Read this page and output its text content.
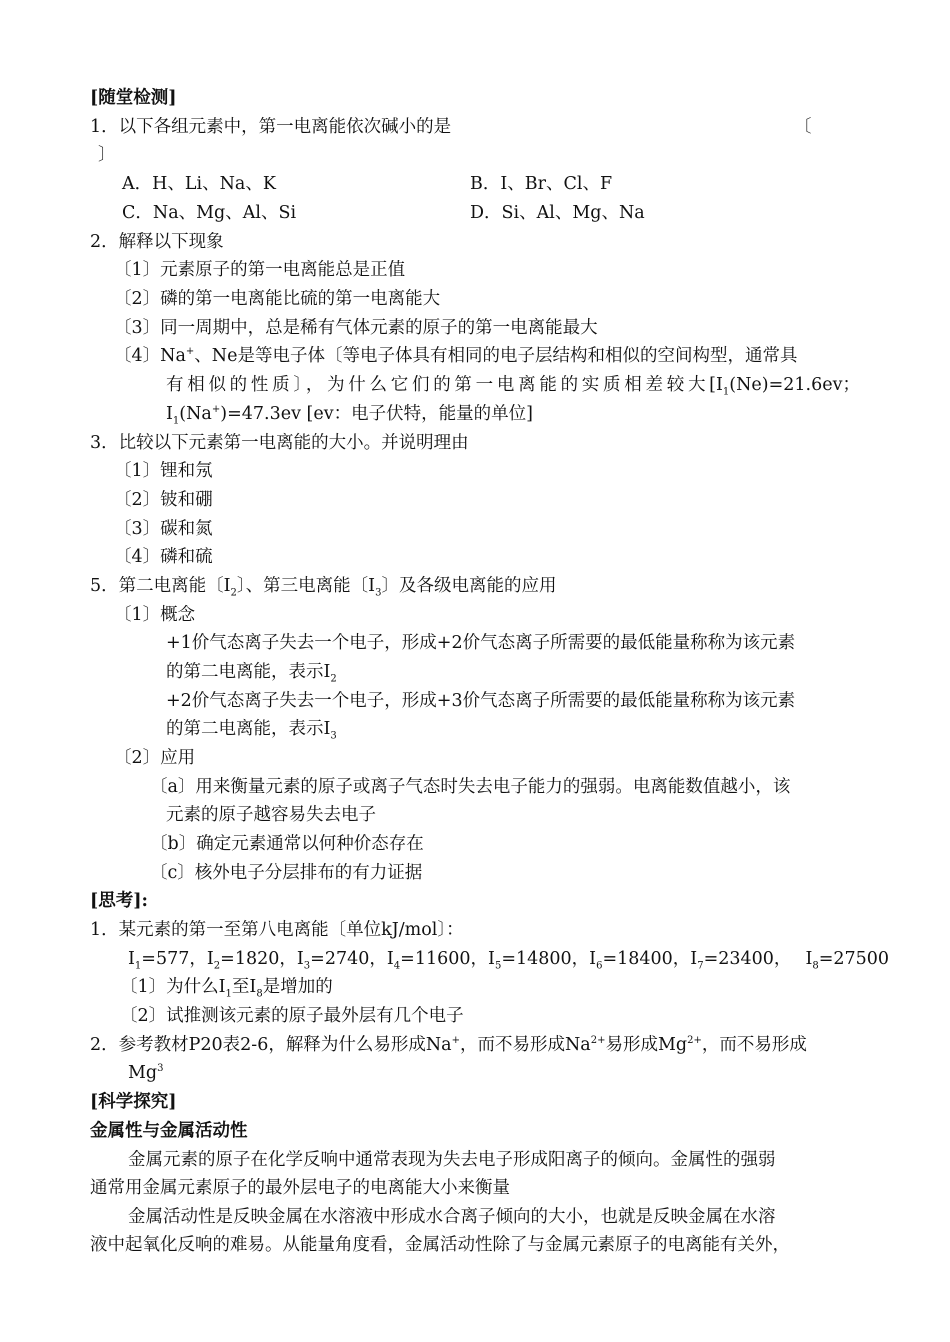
[随堂检测]
1．以下各组元素中，第一电离能依次碱小的是	〔
〕
A．H、Li、Na、K	B．I、Br、Cl、F
C．Na、Mg、Al、Si	D．Si、Al、Mg、Na
2．解释以下现象
〔1〕元素原子的第一电离能总是正值
〔2〕磷的第一电离能比硫的第一电离能大
〔3〕同一周期中，总是稀有气体元素的原子的第一电离能最大
〔4〕Na+、Ne是等电子体〔等电子体具有相同的电子层结构和相似的空间构型，通常具
有相似的性质〕，为什么它们的第一电离能的实质相差较大[$I_1(Ne)=21.6ev$；
$I_1(Na^+)=47.3ev$ [ev：电子伏特，能量的单位]
3．比较以下元素第一电离能的大小。并说明理由
〔1〕锂和氖
〔2〕铍和硼
〔3〕碳和氮
〔4〕磷和硫
5．第二电离能〔$I_2$〕、第三电离能〔$I_3$〕及各级电离能的应用
〔1〕概念
+1价气态离子失去一个电子，形成+2价气态离子所需要的最低能量称称为该元素
的第二电离能，表示$I_2$
+2价气态离子失去一个电子，形成+3价气态离子所需要的最低能量称称为该元素
的第二电离能，表示$I_3$
〔2〕应用
〔a〕用来衡量元素的原子或离子气态时失去电子能力的强弱。电离能数值越小，该
元素的原子越容易失去电子
〔b〕确定元素通常以何种价态存在
〔c〕核外电子分层排布的有力证据
[思考]:
1．某元素的第一至第八电离能〔单位kJ/mol〕：
$I_1=577$，$I_2=1820$，$I_3=2740$，$I_4=11600$，$I_5=14800$，$I_6=18400$，$I_7=23400$， $I_8=27500$
〔1〕为什么$I_1$至$I_8$是增加的
〔2〕试推测该元素的原子最外层有几个电子
2．参考教材P20表2-6，解释为什么易形成Na+，而不易形成$Na^{2+}$易形成$Mg^{2+}$，而不易形成
Mg$^3$
[科学探究]
金属性与金属活动性
金属元素的原子在化学反响中通常表现为失去电子形成阳离子的倾向。金属性的强弱
通常用金属元素原子的最外层电子的电离能大小来衡量
金属活动性是反映金属在水溶液中形成水合离子倾向的大小，也就是反映金属在水溶
液中起氧化反响的难易。从能量角度看，金属活动性除了与金属元素原子的电离能有关外，
